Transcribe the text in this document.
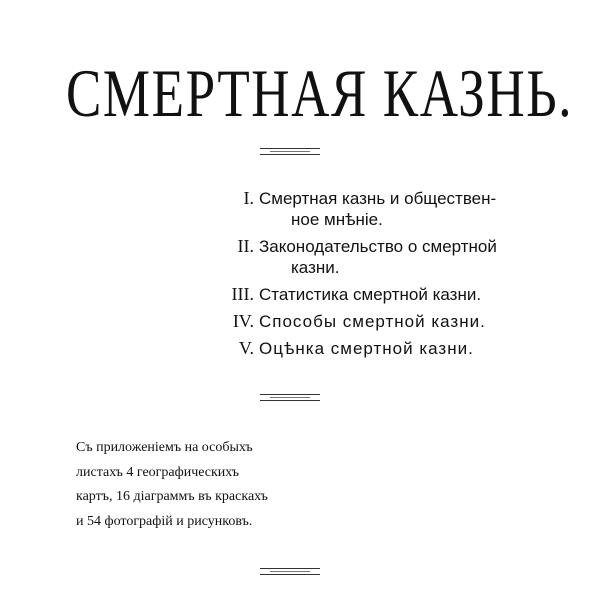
СМЕРТНАЯ КАЗНЬ.
I. Смертная казнь и обществен-
ное мнѣніе.
II. Законодательство о смертной
казни.
III. Статистика смертной казни.
IV. Способы смертной казни.
V. Оцѣнка смертной казни.
Съ приложеніемъ на особыхъ
листахъ 4 географическихъ
картъ, 16 діаграммъ въ краскахъ
и 54 фотографій и рисунковъ.
